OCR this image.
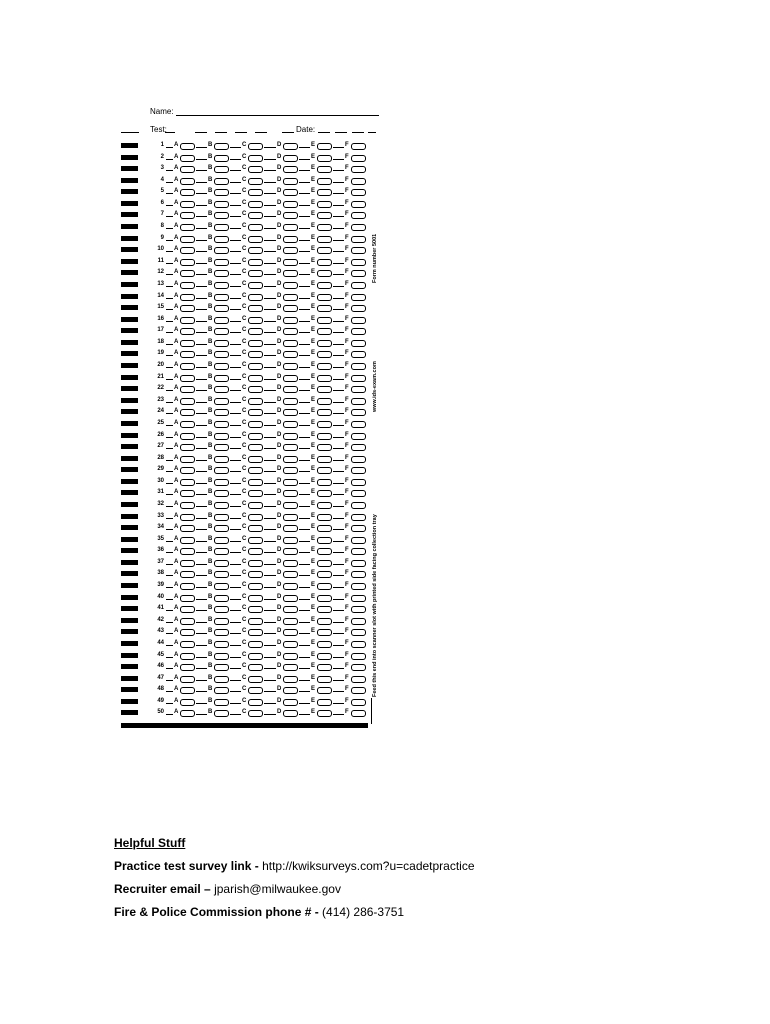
Name:
Test:	Date:
1 A	B	C	D	E	F
2 A	B	C	D	E	F
3 A	B	C	D	E	F
4 A	B	C	D	E	F
5 A	B	C	D	E	F
6 A	B	C	D	E	F
7 A	B	C	D	E	F
8 A	B	C	D	E	F
9 A	B	C	D	E	F
10 A	B	C	D	E	F
11 A	B	C	D	E	F
12 A	B	C	D	E	F
13 A	B	C	D	E	F
14 A	B	C	D	E	F
15 A	B	C	D	E	F
16 A	B	C	D	E	F
17 A	B	C	D	E	F
18 A	B	C	D	E	F
19 A	B	C	D	E	F
20 A	B	C	D	E	F
21 A	B	C	D	E	F
22 A	B	C	D	E	F
23 A	B	C	D	E	F
24 A	B	C	D	E	F
25 A	B	C	D	E	F
26 A	B	C	D	E	F
27 A	B	C	D	E	F
28 A	B	C	D	E	F
29 A	B	C	D	E	F
30 A	B	C	D	E	F
31 A	B	C	D	E	F
32 A	B	C	D	E	F
33 A	B	C	D	E	F
34 A	B	C	D	E	F
35 A	B	C	D	E	F
36 A	B	C	D	E	F
37 A	B	C	D	E	F
38 A	B	C	D	E	F
39 A	B	C	D	E	F
40 A	B	C	D	E	F
41 A	B	C	D	E	F
42 A	B	C	D	E	F
43 A	B	C	D	E	F
44 A	B	C	D	E	F
45 A	B	C	D	E	F
46 A	B	C	D	E	F
47 A	B	C	D	E	F
48 A	B	C	D	E	F
49 A	B	C	D	E	F
50 A	B	C	D	E	F
Form number 5001
www.ids-exam.com
Feed this end into scanner slot with printed side facing collection tray
Helpful Stuff
Practice test survey link - http://kwiksurveys.com?u=cadetpractice
Recruiter email – jparish@milwaukee.gov
Fire & Police Commission phone # - (414) 286-3751
